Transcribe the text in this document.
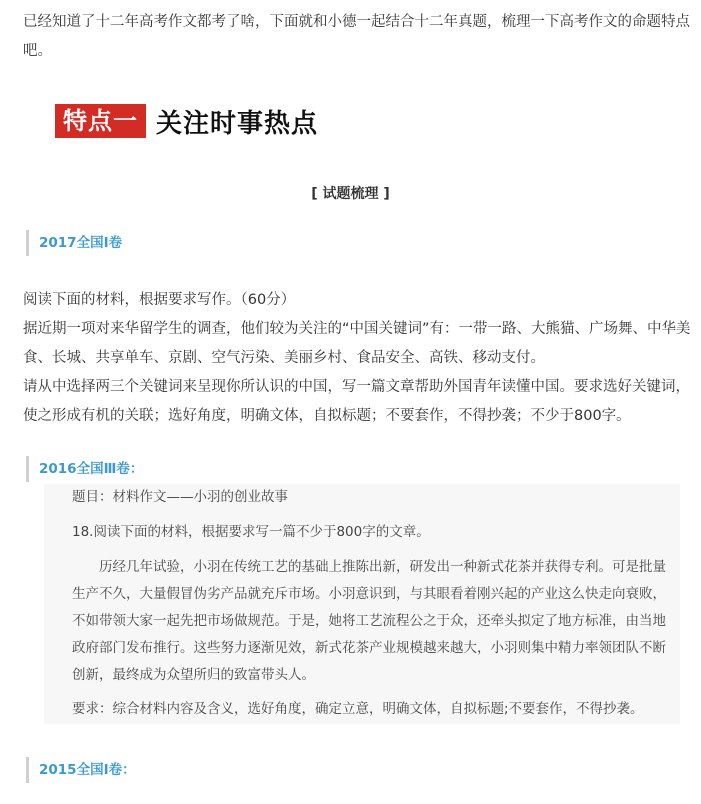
已经知道了十二年高考作文都考了啥，下面就和小德一起结合十二年真题，梳理一下高考作文的命题特点吧。
特点一 关注时事热点
[ 试题梳理 ]
2017全国Ⅰ卷
阅读下面的材料，根据要求写作。（60分）
据近期一项对来华留学生的调查，他们较为关注的“中国关键词”有：一带一路、大熊猫、广场舞、中华美食、长城、共享单车、京剧、空气污染、美丽乡村、食品安全、高铁、移动支付。
请从中选择两三个关键词来呈现你所认识的中国，写一篇文章帮助外国青年读懂中国。要求选好关键词，使之形成有机的关联；选好角度，明确文体，自拟标题；不要套作，不得抄袭；不少于800字。
2016全国Ⅲ卷：

题目：材料作文——小羽的创业故事

18.阅读下面的材料，根据要求写一篇不少于800字的文章。

历经几年试验，小羽在传统工艺的基础上推陈出新，研发出一种新式花茶并获得专利。可是批量生产不久，大量假冒伪劣产品就充斥市场。小羽意识到，与其眼看着刚兴起的产业这么快走向衰败，不如带领大家一起先把市场做规范。于是，她将工艺流程公之于众，还牵头拟定了地方标准，由当地政府部门发布推行。这些努力逐渐见效，新式花茶产业规模越来越大，小羽则集中精力率领团队不断创新，最终成为众望所归的致富带头人。

要求：综合材料内容及含义，选好角度，确定立意，明确文体，自拟标题;不要套作，不得抄袭。

2015全国Ⅰ卷：
